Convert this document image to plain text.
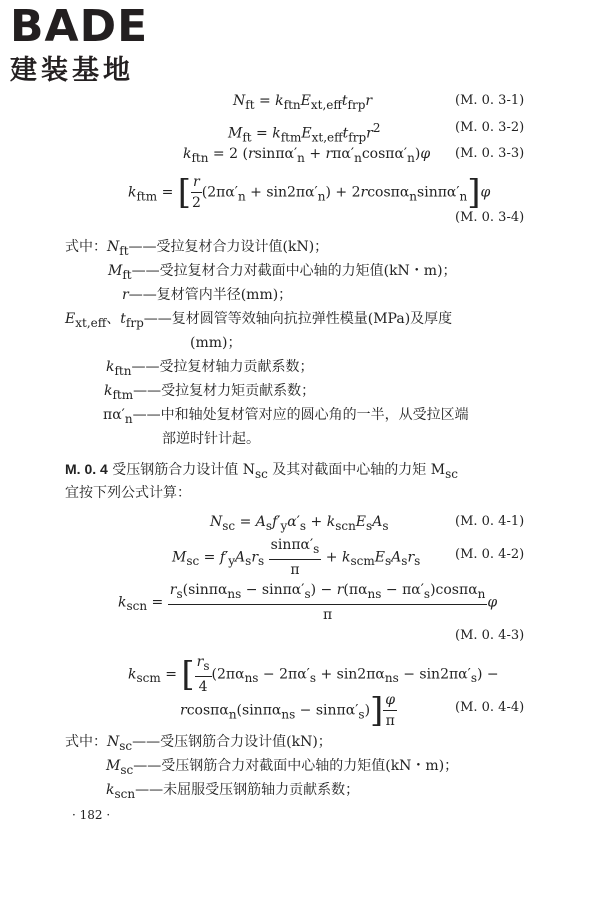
BADE
建装基地
$N_{ft} = k_{ftn}E_{xt,eff}t_{frp}r$	(M. 0. 3-1)
$M_{ft} = k_{ftm}E_{xt,eff}t_{frp}r^2$	(M. 0. 3-2)
$k_{ftn} = 2$ $(rsin\pi\alpha'_n + r\pi\alpha'_n\cos\pi\alpha'_n)\varphi$ (M. 0. 3-3)
$k_{ftm}$ = [ $\frac{r}{2} (2\pi\alpha'_n + \sin 2\pi\alpha'_n) + 2rcos\pi\alpha_n\sin\pi\alpha'_n]\varphi$
(M. 0. 3-4)
式中：$N_{ft}——$受拉复材合力设计值(kN)；
$M_{ft}——$受拉复材合力对截面中心轴的力矩值(kN・m)；
r——复材管内半径(mm)；
$E_{xt,eff}$、$t_{frp}——$复材圆管等效轴向抗拉弹性模量(MPa)及厚度
(mm)；
$k_{ftn}——$受拉复材轴力贡献系数；
$k_{ftm}——$受拉复材力矩贡献系数；
$\pi\alpha'_n——$中和轴处复材管对应的圆心角的一半，从受拉区端
部逆时针计起。
M. 0. 4 受压钢筋合力设计值 $N_{sc}$ 及其对截面中心轴的力矩 $M_{sc}$
宜按下列公式计算：
$N_{sc} = A_sf'_y\alpha'_s + k_{scn}E_sA_s$	(M. 0. 4-1)
$M_{sc} = f'_yA_sr_s \frac{\sin\pi\alpha'_s}{\pi} + k_{scm}E_sA_sr_s$	(M. 0. 4-2)
$k_{scn} = \frac{r_s(\sin\pi\alpha_{ns} - \sin\pi\alpha'_s) - r(\pi\alpha_{ns} - \pi\alpha'_s)\cos\pi\alpha_n}{\pi}$ φ
(M. 0. 4-3)
$k_{scm}$ = [ $\frac{r_s}{4} (2\pi\alpha_{ns} - 2\pi\alpha'_s + \sin 2\pi\alpha_{ns} - \sin 2\pi\alpha'_s)$ −
$rcos\pi\alpha_n(\sin\pi\alpha_{ns} - \sin\pi\alpha'_s)] \frac{\varphi}{\pi}$	(M. 0. 4-4)
式中：$N_{sc}——$受压钢筋合力设计值(kN)；
$M_{sc}——$受压钢筋合力对截面中心轴的力矩值(kN・m)；
$k_{scn}——$未屈服受压钢筋轴力贡献系数；
· 182 ·
